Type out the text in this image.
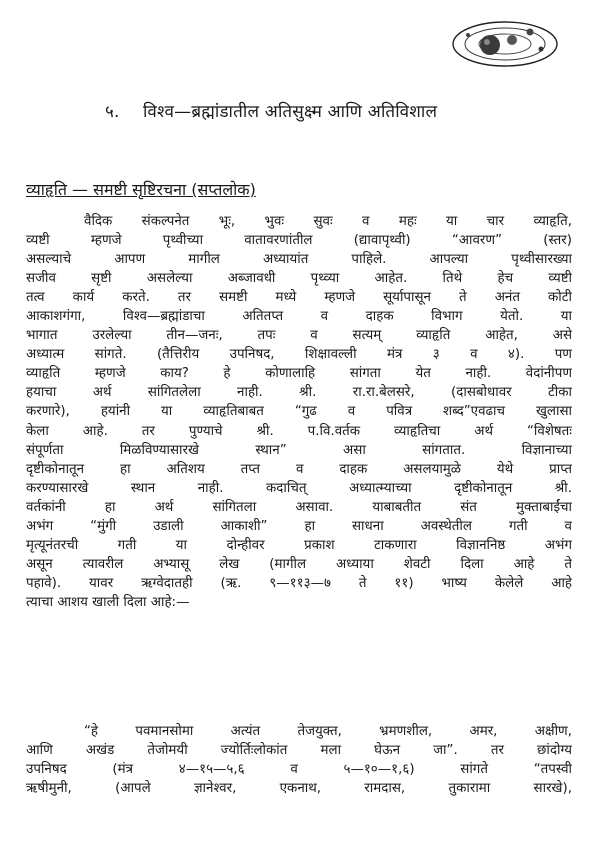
५. विश्व—ब्रह्मांडातील अतिसुक्ष्म आणि अतिविशाल
व्याहृति — समष्टी सृष्टिरचना (सप्तलोक)
वैदिक संकल्पनेत भूः, भुवः सुवः व महः या चार व्याहृति,
व्यष्टी म्हणजे पृथ्वीच्या वातावरणांतील (द्यावापृथ्वी) “आवरण” (स्तर)
असल्याचे आपण मागील अध्यायांत पाहिले. आपल्या पृथ्वीसारख्या
सजीव सृष्टी असलेल्या अब्जावधी पृथ्व्या आहेत. तिथे हेच व्यष्टी
तत्व कार्य करते. तर समष्टी मध्ये म्हणजे सूर्यापासून ते अनंत कोटी
आकाशगंगा, विश्व—ब्रह्मांडाचा अतितप्त व दाहक विभाग येतो. या
भागात उरलेल्या तीन—जनः, तपः व सत्यम् व्याहृति आहेत, असे
अध्यात्म सांगते. (तैत्तिरीय उपनिषद, शिक्षावल्ली मंत्र ३ व ४). पण
व्याहृति म्हणजे काय? हे कोणालाहि सांगता येत नाही. वेदांनीपण
हयाचा अर्थ सांगितलेला नाही. श्री. रा.रा.बेलसरे, (दासबोधावर टीका
करणारे), हयांनी या व्याहृतिबाबत “गुढ व पवित्र शब्द”एवढाच खुलासा
केला आहे. तर पुण्याचे श्री. प.वि.वर्तक व्याहृतिचा अर्थ “विशेषतः
संपूर्णता मिळविण्यासारखे स्थान” असा सांगतात. विज्ञानाच्या
दृष्टीकोनातून हा अतिशय तप्त व दाहक असलयामुळे येथे प्राप्त
करण्यासारखे स्थान नाही. कदाचित् अध्यात्म्याच्या दृष्टीकोनातून श्री.
वर्तकांनी हा अर्थ सांगितला असावा. याबाबतीत संत मुक्ताबाईंचा
अभंग “मुंगी उडाली आकाशी” हा साधना अवस्थेतील गती व
मृत्यूनंतरची गती या दोन्हीवर प्रकाश टाकणारा विज्ञाननिष्ठ अभंग
असून त्यावरील अभ्यासू लेख (मागील अध्याया शेवटी दिला आहे ते
पहावे). यावर ऋग्वेदातही (ऋ. ९—११३—७ ते ११) भाष्य केलेले आहे
त्याचा आशय खाली दिला आहे:—
“हे पवमानसोमा अत्यंत तेजयुक्त, भ्रमणशील, अमर, अक्षीण,
आणि अखंड तेजोमयी ज्योर्तिःलोकांत मला घेऊन जा”. तर छांदोग्य
उपनिषद (मंत्र ४—१५—५,६ व ५—१०—१,६) सांगते “तपस्वी
ऋषीमुनी, (आपले ज्ञानेश्वर, एकनाथ, रामदास, तुकारामा सारखे),
